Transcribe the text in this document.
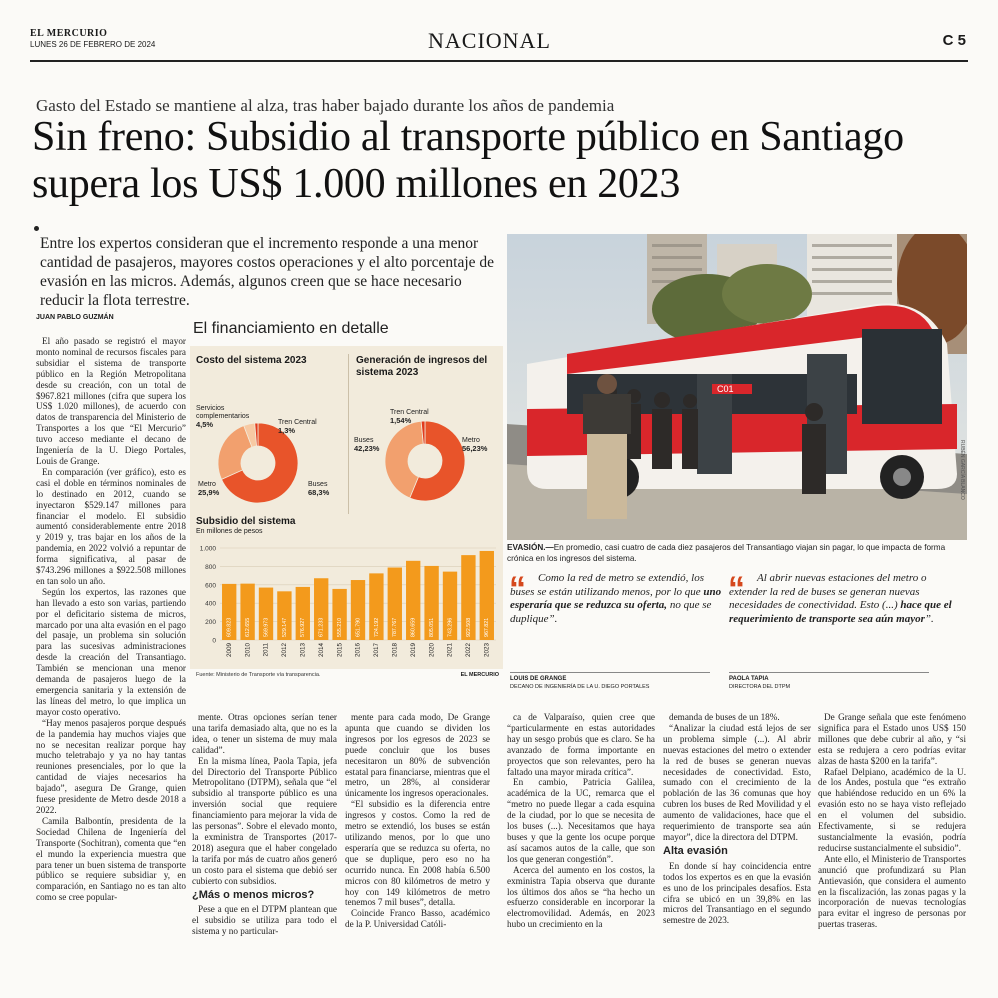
EL MERCURIO
LUNES 26 DE FEBRERO DE 2024	NACIONAL	C 5
Gasto del Estado se mantiene al alza, tras haber bajado durante los años de pandemia
Sin freno: Subsidio al transporte público en Santiago supera los US$ 1.000 millones en 2023
Entre los expertos consideran que el incremento responde a una menor cantidad de pasajeros, mayores costos operaciones y el alto porcentaje de evasión en las micros. Además, algunos creen que se hace necesario reducir la flota terrestre.
JUAN PABLO GUZMÁN

El año pasado se registró el mayor monto nominal de recursos fiscales para subsidiar el sistema de transporte público en la Región Metropolitana desde su creación, con un total de $967.821 millones (cifra que supera los US$ 1.020 millones), de acuerdo con datos de transparencia del Ministerio de Transportes a los que “El Mercurio” tuvo acceso mediante el decano de Ingeniería de la U. Diego Portales, Louis de Grange.

En comparación (ver gráfico), esto es casi el doble en términos nominales de lo destinado en 2012, cuando se inyectaron $529.147 millones para financiar el modelo. El subsidio aumentó considerablemente entre 2018 y 2019 y, tras bajar en los años de la pandemia, en 2022 volvió a repuntar de forma significativa, al pasar de $743.296 millones a $922.508 millones en tan solo un año.

Según los expertos, las razones que han llevado a esto son varias, partiendo por el deficitario sistema de micros, marcado por una alta evasión en el pago del pasaje, un problema sin solución para las sucesivas administraciones desde la creación del Transantiago. También se mencionan una menor demanda de pasajeros luego de la emergencia sanitaria y la extensión de las líneas del metro, lo que implica un mayor costo operativo.

“Hay menos pasajeros porque después de la pandemia hay muchos viajes que no se necesitan realizar porque hay mucho teletrabajo y ya no hay tantas reuniones presenciales, por lo que la cantidad de viajes necesarios ha bajado”, asegura De Grange, quien fuese presidente de Metro desde 2018 a 2022.

Camila Balbontín, presidenta de la Sociedad Chilena de Ingeniería del Transporte (Sochitran), comenta que “en el mundo la experiencia muestra que para tener un buen sistema de transporte público se requiere subsidiar y, en comparación, en Santiago no es tan alto como se cree popular-

El financiamiento en detalle
Costo del sistema 2023
Servicios
complementarios
4,5%	Tren Central
1,3%
Metro
25,9%
Buses
68,3%
Generación de ingresos del sistema 2023
Tren Central
1,54%
Buses
42,23%
Metro
56,23%
Subsidio del sistema
En millones de pesos
0
200
400
600
800
1.000
609.823
2009
612.655
2010
569.973
2011
529.147
2012
576.927
2013
671.233
2014
555.210
2015
651.790
2016
724.192
2017
787.767
2018
860.659
2019
805.051
2020
743.296
2021
922.508
2022
967.821
2023
Fuente: Ministerio de Transporte vía transparencia.	EL MERCURIO
C01
RUBÉN GARCÍA BLANCO
EVASIÓN.—En promedio, casi cuatro de cada diez pasajeros del Transantiago viajan sin pagar, lo que impacta de forma crónica en los ingresos del sistema.
“	Como la red de metro se extendió, los buses se están utilizando menos, por lo que uno esperaría que se reduzca su oferta, no que se duplique”.
LOUIS DE GRANGE
DECANO DE INGENIERÍA DE LA U. DIEGO PORTALES
“	Al abrir nuevas estaciones del metro o extender la red de buses se generan nuevas necesidades de conectividad. Esto (...) hace que el requerimiento de transporte sea aún mayor”.
PAOLA TAPIA
DIRECTORA DEL DTPM

mente. Otras opciones serían tener una tarifa demasiado alta, que no es la idea, o tener un sistema de muy mala calidad”.

En la misma línea, Paola Tapia, jefa del Directorio del Transporte Público Metropolitano (DTPM), señala que “el subsidio al transporte público es una inversión social que requiere financiamiento para mejorar la vida de las personas”. Sobre el elevado monto, la exministra de Transportes (2017-2018) asegura que el haber congelado la tarifa por más de cuatro años generó un costo para el sistema que debió ser cubierto con subsidios.

¿Más o menos micros?

Pese a que en el DTPM plantean que el subsidio se utiliza para todo el sistema y no particular-

mente para cada modo, De Grange apunta que cuando se dividen los ingresos por los egresos de 2023 se puede concluir que los buses necesitaron un 80% de subvención estatal para financiarse, mientras que el metro, un 28%, al considerar únicamente los ingresos operacionales.

“El subsidio es la diferencia entre ingresos y costos. Como la red de metro se extendió, los buses se están utilizando menos, por lo que uno esperaría que se reduzca su oferta, no que se duplique, pero eso no ha ocurrido nunca. En 2008 había 6.500 micros con 80 kilómetros de metro y hoy con 149 kilómetros de metro tenemos 7 mil buses”, detalla.

Coincide Franco Basso, académico de la P. Universidad Católi-

ca de Valparaíso, quien cree que “particularmente en estas autoridades hay un sesgo probús que es claro. Se ha avanzado de forma importante en proyectos que son relevantes, pero ha faltado una mayor mirada crítica”.

En cambio, Patricia Galilea, académica de la UC, remarca que el “metro no puede llegar a cada esquina de la ciudad, por lo que se necesita de los buses (...). Necesitamos que haya buses y que la gente los ocupe porque así sacamos autos de la calle, que son los que generan congestión”.

Acerca del aumento en los costos, la exministra Tapia observa que durante los últimos dos años se “ha hecho un esfuerzo considerable en incorporar la electromovilidad. Además, en 2023 hubo un crecimiento en la

demanda de buses de un 18%.

“Analizar la ciudad está lejos de ser un problema simple (...). Al abrir nuevas estaciones del metro o extender la red de buses se generan nuevas necesidades de conectividad. Esto, sumado con el crecimiento de la población de las 36 comunas que hoy cubren los buses de Red Movilidad y el aumento de validaciones, hace que el requerimiento de transporte sea aún mayor”, dice la directora del DTPM.

Alta evasión

En donde sí hay coincidencia entre todos los expertos es en que la evasión es uno de los principales desafíos. Esta cifra se ubicó en un 39,8% en las micros del Transantiago en el segundo semestre de 2023.

De Grange señala que este fenómeno significa para el Estado unos US$ 150 millones que debe cubrir al año, y “si esta se redujera a cero podrías evitar alzas de hasta $200 en la tarifa”.

Rafael Delpiano, académico de la U. de los Andes, postula que “es extraño que habiéndose reducido en un 6% la evasión esto no se haya visto reflejado en el volumen del subsidio. Efectivamente, si se redujera sustancialmente la evasión, podría reducirse sustancialmente el subsidio”.

Ante ello, el Ministerio de Transportes anunció que profundizará su Plan Antievasión, que considera el aumento en la fiscalización, las zonas pagas y la incorporación de nuevas tecnologías para evitar el ingreso de personas por puertas traseras.
